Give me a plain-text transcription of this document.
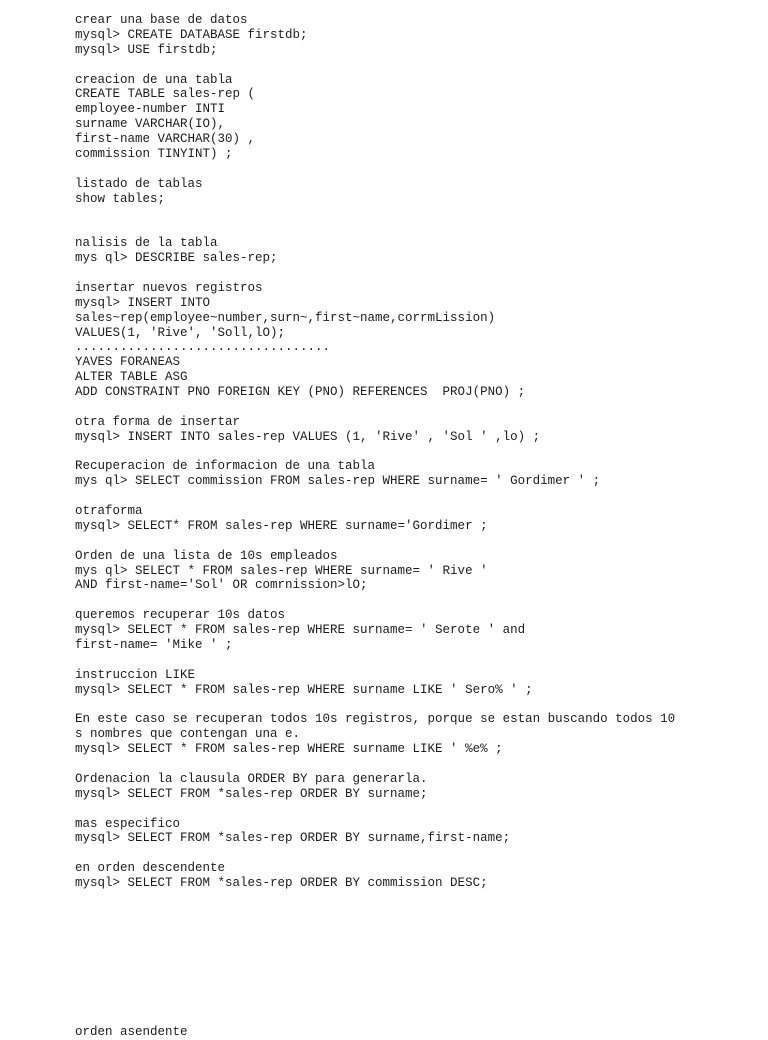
crear una base de datos
mysql> CREATE DATABASE firstdb;
mysql> USE firstdb;
creacion de una tabla
CREATE TABLE sales-rep (
employee-number INTI
surname VARCHAR(IO),
first-name VARCHAR(30) ,
commission TINYINT) ;
listado de tablas
show tables;
nalisis de la tabla
mys ql> DESCRIBE sales-rep;
insertar nuevos registros
mysql> INSERT INTO
sales~rep(employee~number,surn~,first~name,corrmLission)
VALUES(1, 'Rive', 'Soll,lO);
..................................
YAVES FORANEAS
ALTER TABLE ASG
ADD CONSTRAINT PNO FOREIGN KEY (PNO) REFERENCES  PROJ(PNO) ;
otra forma de insertar
mysql> INSERT INTO sales-rep VALUES (1, 'Rive' , 'Sol ' ,lo) ;
Recuperacion de informacion de una tabla
mys ql> SELECT commission FROM sales-rep WHERE surname= ' Gordimer ' ;
otraforma
mysql> SELECT* FROM sales-rep WHERE surname='Gordimer ;
Orden de una lista de 10s empleados
mys ql> SELECT * FROM sales-rep WHERE surname= ' Rive '
AND first-name='Sol' OR comrnission>lO;
queremos recuperar 10s datos
mysql> SELECT * FROM sales-rep WHERE surname= ' Serote ' and
first-name= 'Mike ' ;
instruccion LIKE
mysql> SELECT * FROM sales-rep WHERE surname LIKE ' Sero% ' ;
En este caso se recuperan todos 10s registros, porque se estan buscando todos 10
s nombres que contengan una e.
mysql> SELECT * FROM sales-rep WHERE surname LIKE ' %e% ;
Ordenacion la clausula ORDER BY para generarla.
mysql> SELECT FROM *sales-rep ORDER BY surname;
mas especifico
mysql> SELECT FROM *sales-rep ORDER BY surname,first-name;
en orden descendente
mysql> SELECT FROM *sales-rep ORDER BY commission DESC;
orden asendente
